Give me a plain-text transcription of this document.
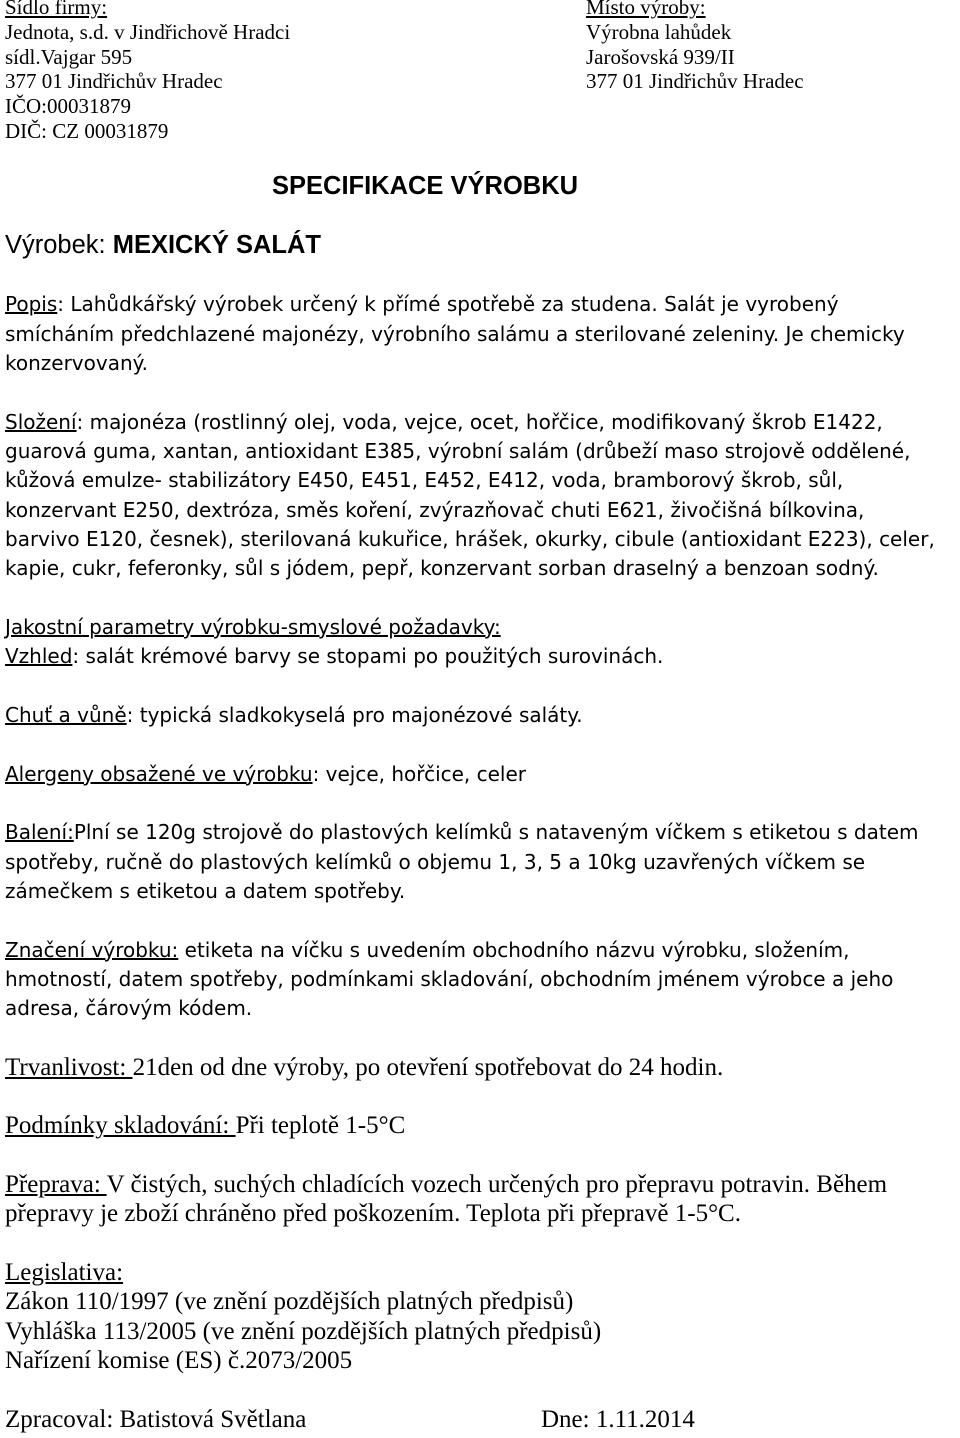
Sídlo firmy:
Jednota, s.d. v Jindřichově Hradci
sídl.Vajgar 595
377 01 Jindřichův Hradec
IČO:00031879
DIČ: CZ 00031879
Místo výroby:
Výrobna lahůdek
Jarošovská 939/II
377 01 Jindřichův Hradec
SPECIFIKACE VÝROBKU
Výrobek: MEXICKÝ SALÁT
Popis: Lahůdkářský výrobek určený k přímé spotřebě za studena. Salát je vyrobený
smícháním předchlazené majonézy, výrobního salámu a sterilované zeleniny. Je chemicky
konzervovaný.
Složení: majonéza (rostlinný olej, voda, vejce, ocet, hořčice, modifikovaný škrob E1422,
guarová guma, xantan, antioxidant E385, výrobní salám (drůbeží maso strojově oddělené,
kůžová emulze- stabilizátory E450, E451, E452, E412, voda, bramborový škrob, sůl,
konzervant E250, dextróza, směs koření, zvýrazňovač chuti E621, živočišná bílkovina,
barvivo E120, česnek), sterilovaná kukuřice, hrášek, okurky, cibule (antioxidant E223), celer,
kapie, cukr, feferonky, sůl s jódem, pepř, konzervant sorban draselný a benzoan sodný.
Jakostní parametry výrobku-smyslové požadavky:
Vzhled: salát krémové barvy se stopami po použitých surovinách.
Chuť a vůně: typická sladkokyselá pro majonézové saláty.
Alergeny obsažené ve výrobku: vejce, hořčice, celer
Balení:Plní se 120g strojově do plastových kelímků s nataveným víčkem s etiketou s datem
spotřeby, ručně do plastových kelímků o objemu 1, 3, 5 a 10kg uzavřených víčkem se
zámečkem s etiketou a datem spotřeby.
Značení výrobku: etiketa na víčku s uvedením obchodního názvu výrobku, složením,
hmotností, datem spotřeby, podmínkami skladování, obchodním jménem výrobce a jeho
adresa, čárovým kódem.
Trvanlivost: 21den od dne výroby, po otevření spotřebovat do 24 hodin.
Podmínky skladování: Při teplotě 1-5°C
Přeprava: V čistých, suchých chladících vozech určených pro přepravu potravin. Během
přepravy je zboží chráněno před poškozením. Teplota při přepravě 1-5°C.
Legislativa:
Zákon 110/1997 (ve znění pozdějších platných předpisů)
Vyhláška 113/2005 (ve znění pozdějších platných předpisů)
Nařízení komise (ES) č.2073/2005
Zpracoval: Batistová Světlana	Dne: 1.11.2014
